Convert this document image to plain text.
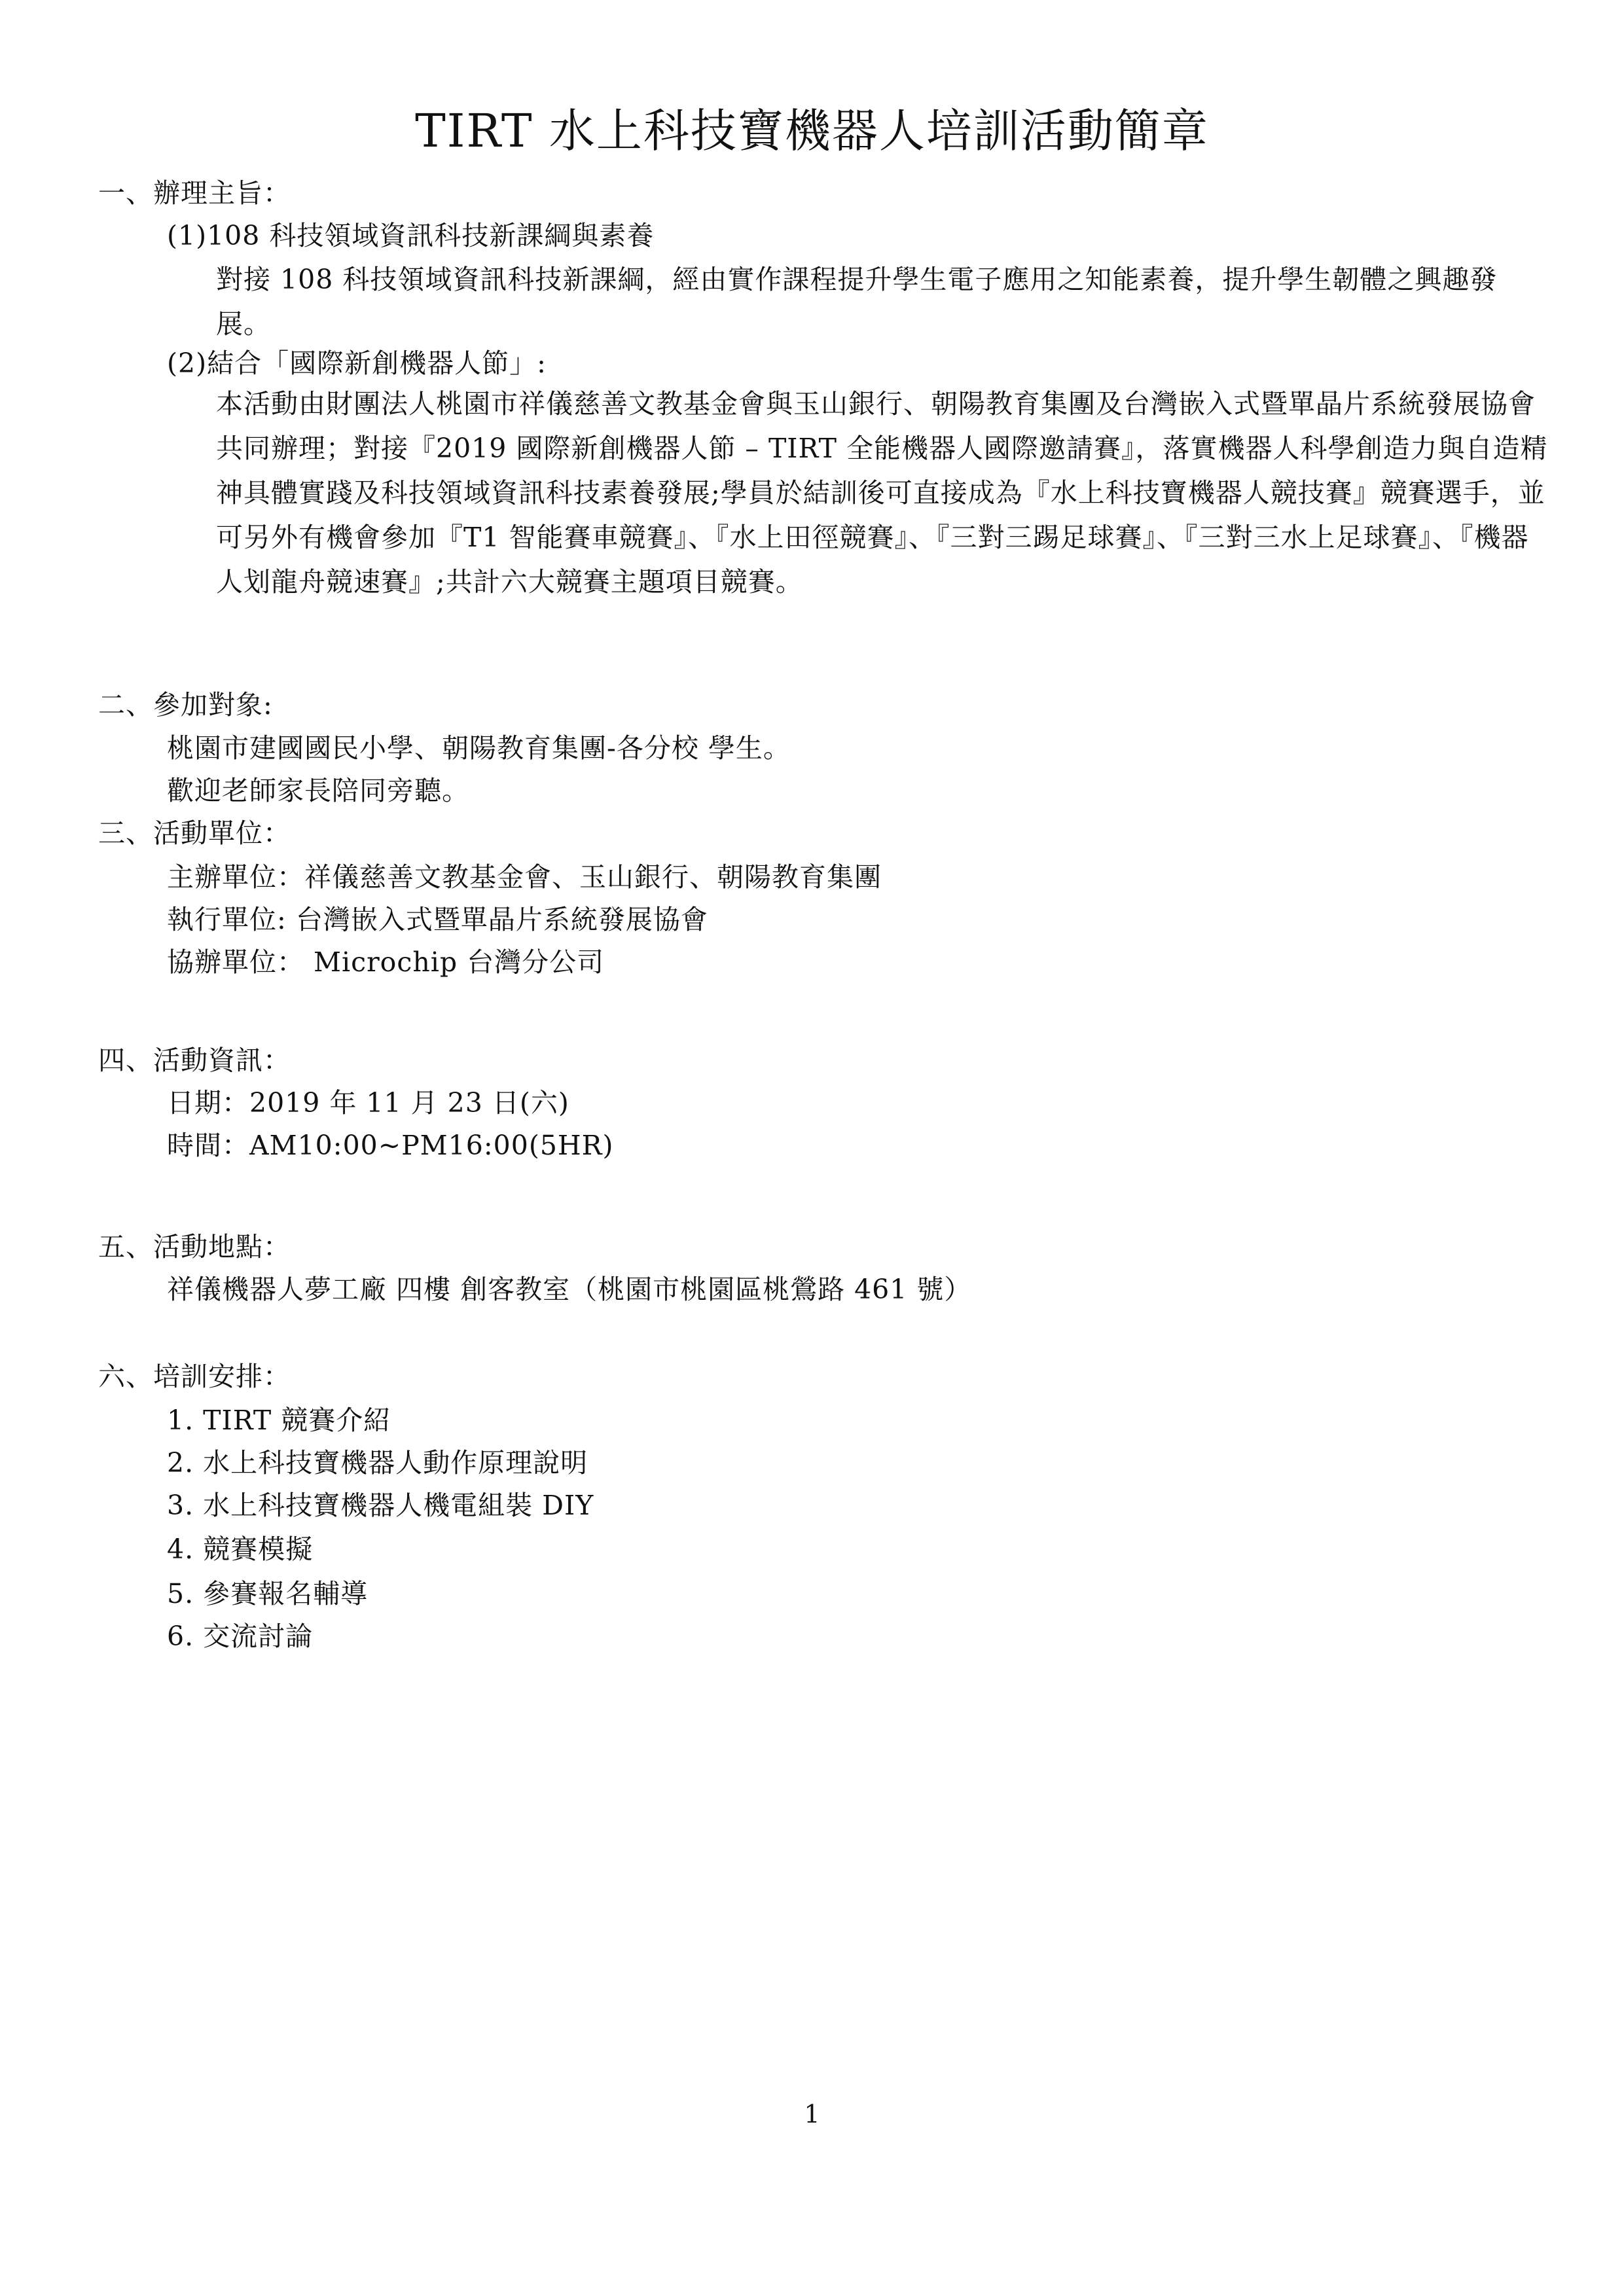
TIRT 水上科技寶機器人培訓活動簡章
一、辦理主旨：
(1)108 科技領域資訊科技新課綱與素養
對接 108 科技領域資訊科技新課綱，經由實作課程提升學生電子應用之知能素養，提升學生韌體之興趣發展。
(2)結合「國際新創機器人節」:
本活動由財團法人桃園市祥儀慈善文教基金會與玉山銀行、朝陽教育集團及台灣嵌入式暨單晶片系統發展協會共同辦理；對接『2019 國際新創機器人節 – TIRT 全能機器人國際邀請賽』，落實機器人科學創造力與自造精神具體實踐及科技領域資訊科技素養發展;學員於結訓後可直接成為『水上科技寶機器人競技賽』競賽選手，並可另外有機會參加『T1 智能賽車競賽』、『水上田徑競賽』、『三對三踢足球賽』、『三對三水上足球賽』、『機器人划龍舟競速賽』;共計六大競賽主題項目競賽。
二、參加對象:
桃園市建國國民小學、朝陽教育集團-各分校 學生。
歡迎老師家長陪同旁聽。
三、活動單位：
主辦單位：祥儀慈善文教基金會、玉山銀行、朝陽教育集團
執行單位: 台灣嵌入式暨單晶片系統發展協會
協辦單位： Microchip 台灣分公司
四、活動資訊：
日期：2019 年 11 月 23 日(六)
時間：AM10:00~PM16:00(5HR)
五、活動地點：
祥儀機器人夢工廠 四樓 創客教室（桃園市桃園區桃鶯路 461 號）
六、培訓安排：
1. TIRT 競賽介紹
2. 水上科技寶機器人動作原理說明
3. 水上科技寶機器人機電組裝 DIY
4. 競賽模擬
5. 參賽報名輔導
6. 交流討論
1
